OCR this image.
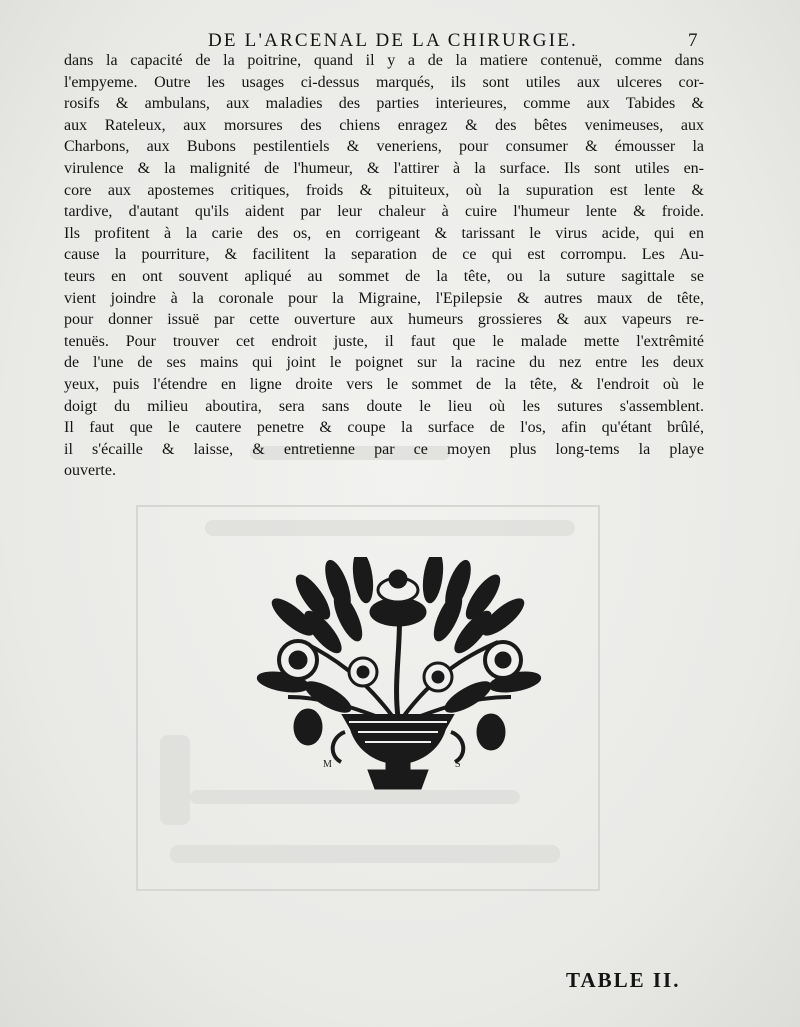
DE L'ARCENAL DE LA CHIRURGIE.	7
dans la capacité de la poitrine, quand il y a de la matiere contenuë, comme dans
l'empyeme. Outre les usages ci-dessus marqués, ils sont utiles aux ulceres cor-
rosifs & ambulans, aux maladies des parties interieures, comme aux Tabides &
aux Rateleux, aux morsures des chiens enragez & des bêtes venimeuses, aux
Charbons, aux Bubons pestilentiels & veneriens, pour consumer & émousser la
virulence & la malignité de l'humeur, & l'attirer à la surface. Ils sont utiles en-
core aux apostemes critiques, froids & pituiteux, où la supuration est lente &
tardive, d'autant qu'ils aident par leur chaleur à cuire l'humeur lente & froide.
Ils profitent à la carie des os, en corrigeant & tarissant le virus acide, qui en
cause la pourriture, & facilitent la separation de ce qui est corrompu. Les Au-
teurs en ont souvent apliqué au sommet de la tête, ou la suture sagittale se
vient joindre à la coronale pour la Migraine, l'Epilepsie & autres maux de tête,
pour donner issuë par cette ouverture aux humeurs grossieres & aux vapeurs re-
tenuës. Pour trouver cet endroit juste, il faut que le malade mette l'extrêmité
de l'une de ses mains qui joint le poignet sur la racine du nez entre les deux
yeux, puis l'étendre en ligne droite vers le sommet de la tête, & l'endroit où le
doigt du milieu aboutira, sera sans doute le lieu où les sutures s'assemblent.
Il faut que le cautere penetre & coupe la surface de l'os, afin qu'étant brûlé,
il s'écaille & laisse, & entretienne par ce moyen plus long-tems la playe
ouverte.
M	S
TABLE II.
